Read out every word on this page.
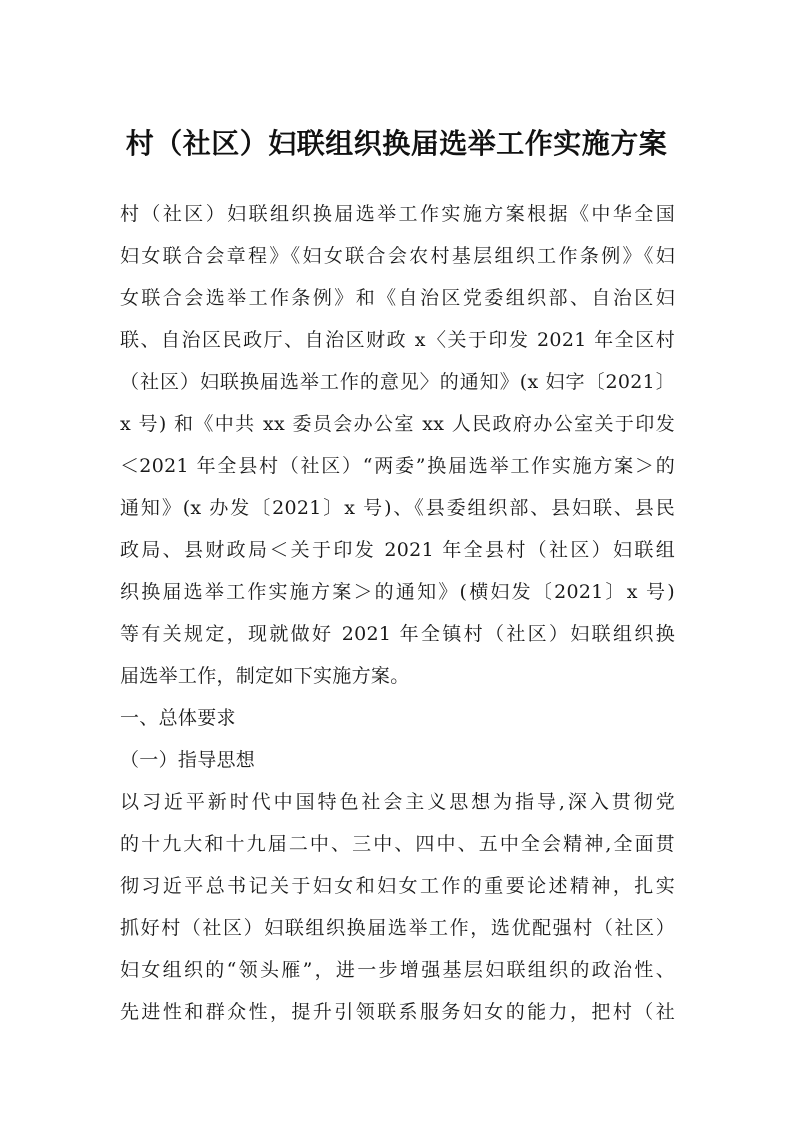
村（社区）妇联组织换届选举工作实施方案
村（社区）妇联组织换届选举工作实施方案根据《中华全国
妇女联合会章程》《妇女联合会农村基层组织工作条例》《妇
女联合会选举工作条例》和《自治区党委组织部、自治区妇
联、自治区民政厅、自治区财政 x〈关于印发 2021 年全区村
（社区）妇联换届选举工作的意见〉的通知》(x 妇字〔2021〕
x 号) 和《中共 xx 委员会办公室 xx 人民政府办公室关于印发
＜2021 年全县村（社区）“两委”换届选举工作实施方案＞的
通知》(x 办发〔2021〕x 号)、《县委组织部、县妇联、县民
政局、县财政局＜关于印发 2021 年全县村（社区）妇联组
织换届选举工作实施方案＞的通知》(横妇发〔2021〕x 号)
等有关规定，现就做好 2021 年全镇村（社区）妇联组织换
届选举工作，制定如下实施方案。
一、总体要求
（一）指导思想
以习近平新时代中国特色社会主义思想为指导,深入贯彻党
的十九大和十九届二中、三中、四中、五中全会精神,全面贯
彻习近平总书记关于妇女和妇女工作的重要论述精神，扎实
抓好村（社区）妇联组织换届选举工作，选优配强村（社区）
妇女组织的“领头雁”，进一步增强基层妇联组织的政治性、
先进性和群众性，提升引领联系服务妇女的能力，把村（社
